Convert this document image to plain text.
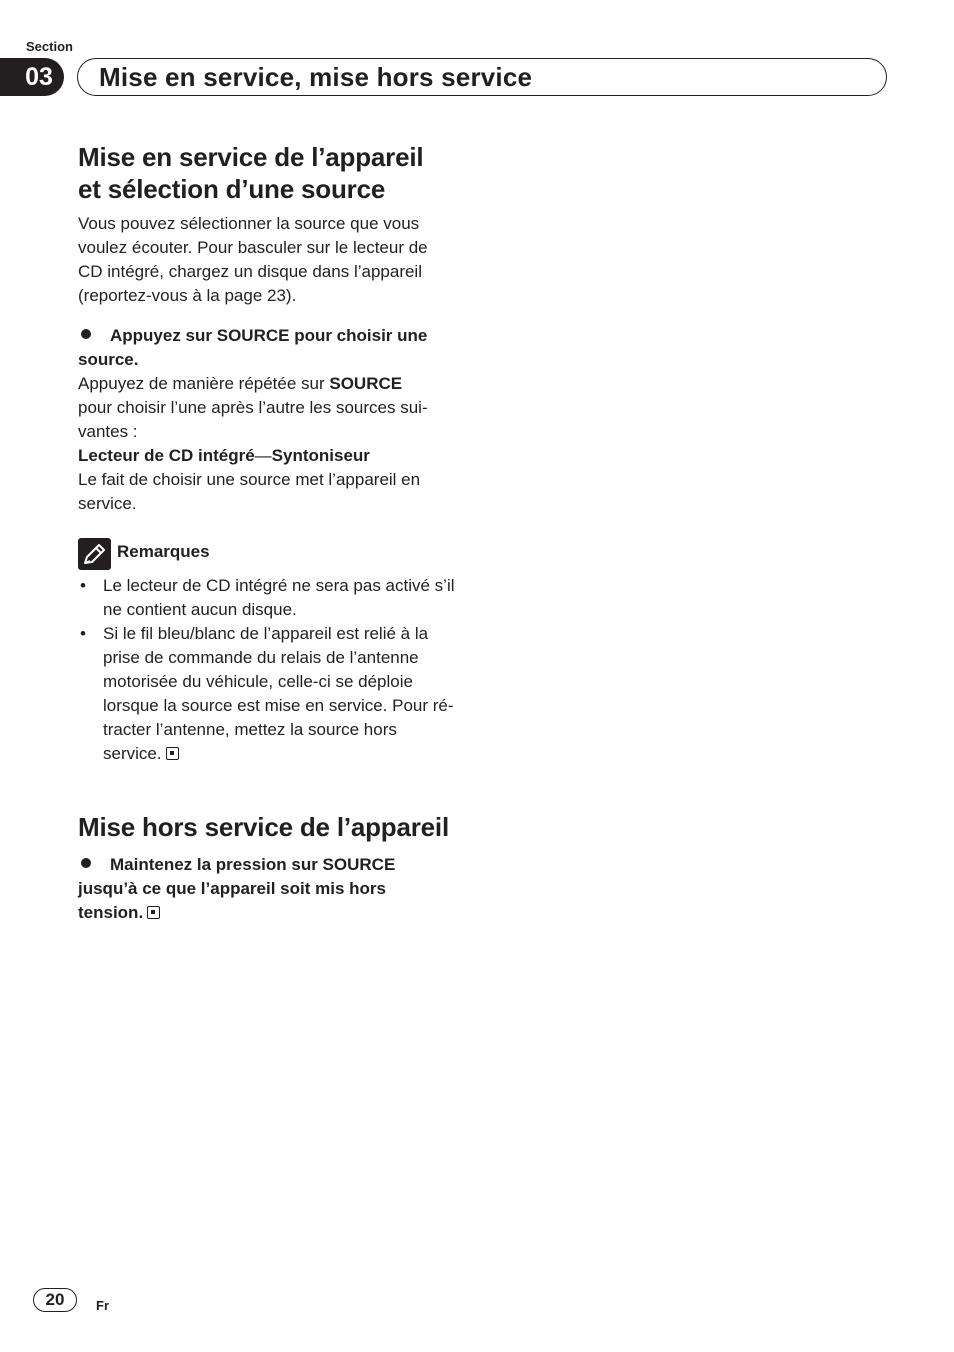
Section
03	Mise en service, mise hors service
Mise en service de l’appareil
et sélection d’une source
Vous pouvez sélectionner la source que vous
voulez écouter. Pour basculer sur le lecteur de
CD intégré, chargez un disque dans l’appareil
(reportez-vous à la page 23).
Appuyez sur SOURCE pour choisir une
source.
Appuyez de manière répétée sur SOURCE
pour choisir l’une après l’autre les sources sui-
vantes :
Lecteur de CD intégré—Syntoniseur
Le fait de choisir une source met l’appareil en
service.
Remarques
• Le lecteur de CD intégré ne sera pas activé s’il
ne contient aucun disque.
• Si le fil bleu/blanc de l’appareil est relié à la
prise de commande du relais de l’antenne
motorisée du véhicule, celle-ci se déploie
lorsque la source est mise en service. Pour ré-
tracter l’antenne, mettez la source hors
service.
Mise hors service de l’appareil
Maintenez la pression sur SOURCE
jusqu’à ce que l’appareil soit mis hors
tension.
20	Fr
